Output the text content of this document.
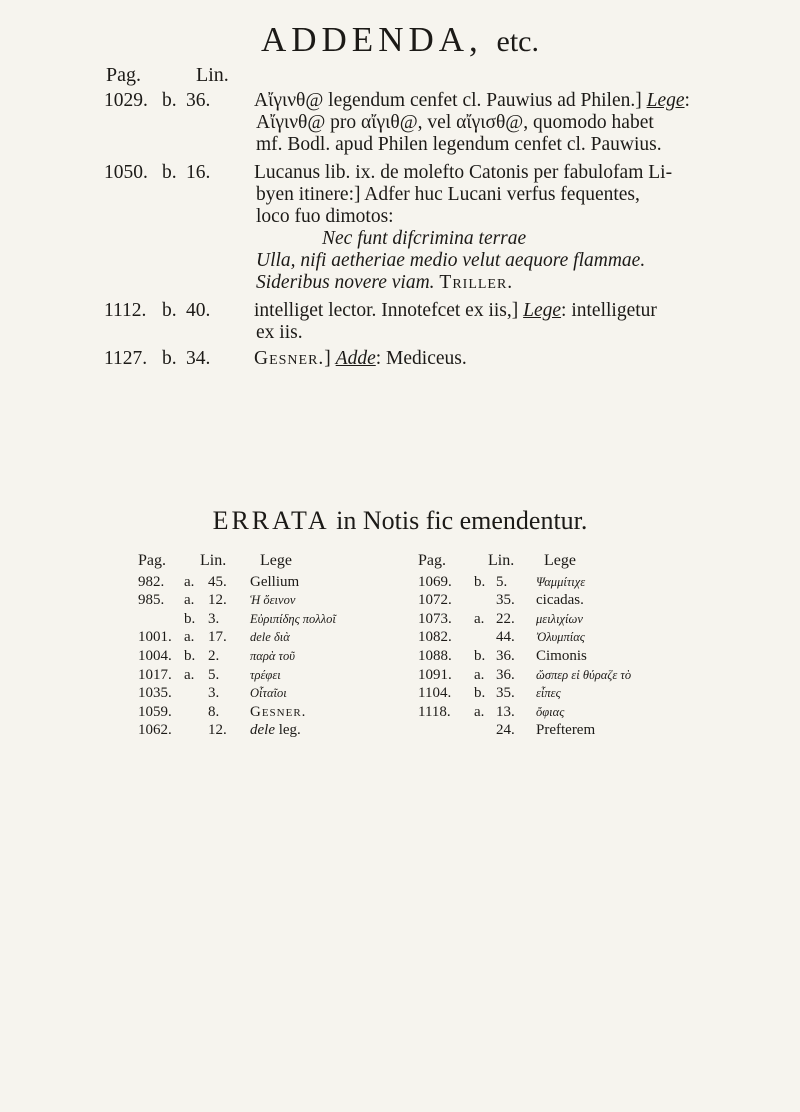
ADDENDA, etc.
Pag.	Lin.
1029. b. 36. Αἴγινθ@ legendum cenfet cl. Pauwius ad Philen.] Lege:
Αἴγινθ@ pro αἴγιθ@, vel αἴγισθ@, quomodo habet
mf. Bodl. apud Philen legendum cenfet cl. Pauwius.
1050. b. 16. Lucanus lib. ix. de molefto Catonis per fabulofam Li-
byen itinere:] Adfer huc Lucani verfus fequentes,
loco fuo dimotos:
Nec funt difcrimina terrae
Ulla, nifi aetheriae medio velut aequore flammae.
Sideribus novere viam. Triller.
1112. b. 40. intelliget lector. Innotefcet ex iis,] Lege: intelligetur
ex iis.
1127. b. 34. Gesner.] Adde: Mediceus.
ERRATA in Notis fic emendentur.
Pag. Lin. Lege
982. a. 45. Gellium
985. a. 12. Ἡ ὅεινον
b. 3. Εὐριπίδης πολλοῖ
1001. a. 17. dele διὰ
1004. b. 2. παρὰ τοῦ
1017. a. 5. τρέφει
1035. 3. Οἶταῖοι
1059. 8. Gesner.
1062. 12. dele leg.
Pag.	Lin. Lege
1069. b. 5. Ψαμμίτιχε
1072.	35. cicadas.
1073. a. 22. μειλιχίων
1082.	44. Ὀλυμπίας
1088. b. 36. Cimonis
1091. a. 36. ὥσπερ εἰ θύραζε τὸ
1104. b. 35. εἶπες
1118. a. 13. ὄφιας
24. Prefterem
